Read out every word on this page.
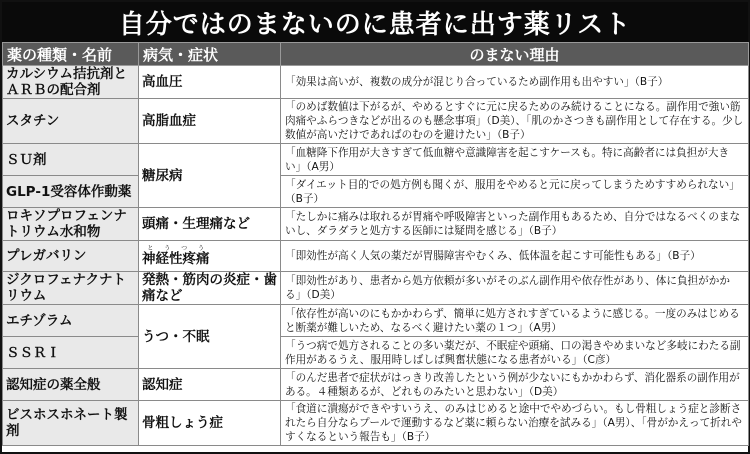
自分ではのまないのに患者に出す薬リスト
薬の種類・名前	病気・症状	のまない理由
カルシウム拮抗剤とＡＲＢの配合剤	高血圧	「効果は高いが、複数の成分が混じり合っているため副作用も出やすい」（B子）
スタチン	高脂血症	「のめば数値は下がるが、やめるとすぐに元に戻るためのみ続けることになる。副作用で強い筋肉痛やふらつきなどが出るのも懸念事項」（D美）、「肌のかさつきも副作用として存在する。少し数値が高いだけであればのむのを避けたい」（B子）
ＳＵ剤	糖尿病	「血糖降下作用が大きすぎて低血糖や意識障害を起こすケースも。特に高齢者には負担が大きい」（A男）
GLP-1受容体作動薬		「ダイエット目的での処方例も聞くが、服用をやめると元に戻ってしまうためすすめられない」（B子）
ロキソプロフェンナトリウム水和物	頭痛・生理痛など	「たしかに痛みは取れるが胃痛や呼吸障害といった副作用もあるため、自分ではなるべくのまないし、ダラダラと処方する医師には疑問を感じる」（B子）
プレガバリン	神経性疼痛とうつう	「即効性が高く人気の薬だが胃腸障害やむくみ、低体温を起こす可能性もある」（B子）
ジクロフェナクナトリウム	発熱・筋肉の炎症・歯痛など	「即効性があり、患者から処方依頼が多いがそのぶん副作用や依存性があり、体に負担がかかる」（D美）
エチゾラム	うつ・不眠	「依存性が高いのにもかかわらず、簡単に処方されすぎているように感じる。一度のみはじめると断薬が難しいため、なるべく避けたい薬の１つ」（A男）
ＳＳＲＩ		「うつ病で処方されることの多い薬だが、不眠症や頭痛、口の渇きやめまいなど多岐にわたる副作用があるうえ、服用時しばしば興奮状態になる患者がいる」（C彦）
認知症の薬全般	認知症	「のんだ患者で症状がはっきり改善したという例が少ないにもかかわらず、消化器系の副作用がある。４種類あるが、どれものみたいと思わない」（D美）
ビスホスホネート製剤	骨粗しょう症	「食道に潰瘍ができやすいうえ、のみはじめると途中でやめづらい。もし骨粗しょう症と診断されたら自分ならプールで運動するなど薬に頼らない治療を試みる」（A男）、「骨がかえって折れやすくなるという報告も」（B子）
